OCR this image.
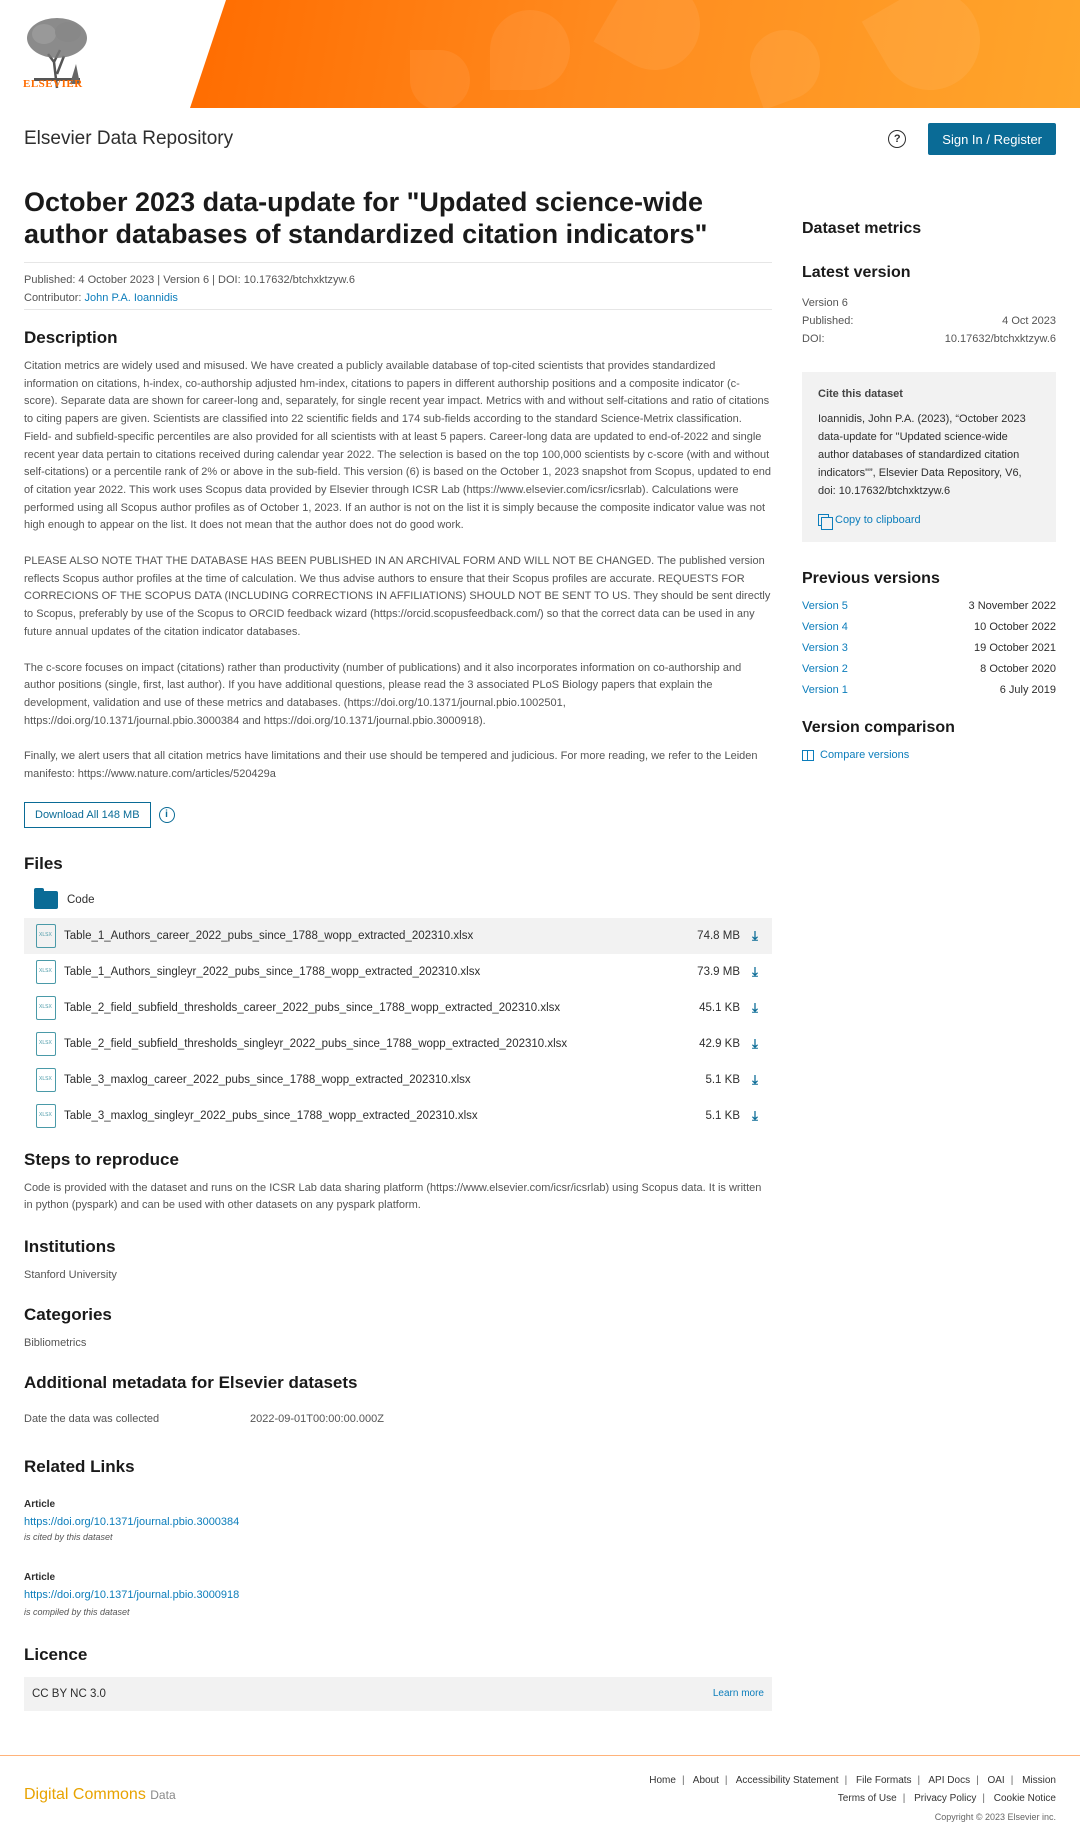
ELSEVIER
Elsevier Data Repository	?	Sign In / Register
October 2023 data-update for "Updated science-wide author databases of standardized citation indicators"
Published: 4 October 2023 | Version 6 | DOI: 10.17632/btchxktzyw.6
Contributor: John P.A. Ioannidis
Description

Citation metrics are widely used and misused. We have created a publicly available database of top-cited scientists that provides standardized information on citations, h-index, co-authorship adjusted hm-index, citations to papers in different authorship positions and a composite indicator (c-score). Separate data are shown for career-long and, separately, for single recent year impact. Metrics with and without self-citations and ratio of citations to citing papers are given. Scientists are classified into 22 scientific fields and 174 sub-fields according to the standard Science-Metrix classification. Field- and subfield-specific percentiles are also provided for all scientists with at least 5 papers. Career-long data are updated to end-of-2022 and single recent year data pertain to citations received during calendar year 2022. The selection is based on the top 100,000 scientists by c-score (with and without self-citations) or a percentile rank of 2% or above in the sub-field. This version (6) is based on the October 1, 2023 snapshot from Scopus, updated to end of citation year 2022. This work uses Scopus data provided by Elsevier through ICSR Lab (https://www.elsevier.com/icsr/icsrlab). Calculations were performed using all Scopus author profiles as of October 1, 2023. If an author is not on the list it is simply because the composite indicator value was not high enough to appear on the list. It does not mean that the author does not do good work.

PLEASE ALSO NOTE THAT THE DATABASE HAS BEEN PUBLISHED IN AN ARCHIVAL FORM AND WILL NOT BE CHANGED. The published version reflects Scopus author profiles at the time of calculation. We thus advise authors to ensure that their Scopus profiles are accurate. REQUESTS FOR CORRECIONS OF THE SCOPUS DATA (INCLUDING CORRECTIONS IN AFFILIATIONS) SHOULD NOT BE SENT TO US. They should be sent directly to Scopus, preferably by use of the Scopus to ORCID feedback wizard (https://orcid.scopusfeedback.com/) so that the correct data can be used in any future annual updates of the citation indicator databases.

The c-score focuses on impact (citations) rather than productivity (number of publications) and it also incorporates information on co-authorship and author positions (single, first, last author). If you have additional questions, please read the 3 associated PLoS Biology papers that explain the development, validation and use of these metrics and databases. (https://doi.org/10.1371/journal.pbio.1002501, https://doi.org/10.1371/journal.pbio.3000384 and https://doi.org/10.1371/journal.pbio.3000918).

Finally, we alert users that all citation metrics have limitations and their use should be tempered and judicious. For more reading, we refer to the Leiden manifesto: https://www.nature.com/articles/520429a

Download All 148 MB	i
Files
Code
XLSX Table_1_Authors_career_2022_pubs_since_1788_wopp_extracted_202310.xlsx	74.8 MB ⤓
XLSX Table_1_Authors_singleyr_2022_pubs_since_1788_wopp_extracted_202310.xlsx	73.9 MB ⤓
XLSX Table_2_field_subfield_thresholds_career_2022_pubs_since_1788_wopp_extracted_202310.xlsx	45.1 KB ⤓
XLSX Table_2_field_subfield_thresholds_singleyr_2022_pubs_since_1788_wopp_extracted_202310.xlsx	42.9 KB ⤓
XLSX Table_3_maxlog_career_2022_pubs_since_1788_wopp_extracted_202310.xlsx	5.1 KB ⤓
XLSX Table_3_maxlog_singleyr_2022_pubs_since_1788_wopp_extracted_202310.xlsx	5.1 KB ⤓
Steps to reproduce
Code is provided with the dataset and runs on the ICSR Lab data sharing platform (https://www.elsevier.com/icsr/icsrlab) using Scopus data. It is written in python (pyspark) and can be used with other datasets on any pyspark platform.
Institutions
Stanford University
Categories
Bibliometrics
Additional metadata for Elsevier datasets
Date the data was collected	2022-09-01T00:00:00.000Z
Related Links
Article
https://doi.org/10.1371/journal.pbio.3000384
is cited by this dataset
Article
https://doi.org/10.1371/journal.pbio.3000918
is compiled by this dataset
Licence
CC BY NC 3.0	Learn more
Dataset metrics
Latest version
Version 6
Published:	4 Oct 2023
DOI:	10.17632/btchxktzyw.6
Cite this dataset
Ioannidis, John P.A. (2023), “October 2023 data-update for "Updated science-wide author databases of standardized citation indicators"”, Elsevier Data Repository, V6, doi: 10.17632/btchxktzyw.6
Copy to clipboard
Previous versions
Version 5	3 November 2022
Version 4	10 October 2022
Version 3	19 October 2021
Version 2	8 October 2020
Version 1	6 July 2019
Version comparison
Compare versions
Digital Commons Data
Home | About | Accessibility Statement | File Formats | API Docs | OAI | Mission
Terms of Use | Privacy Policy | Cookie Notice
Copyright © 2023 Elsevier inc.
